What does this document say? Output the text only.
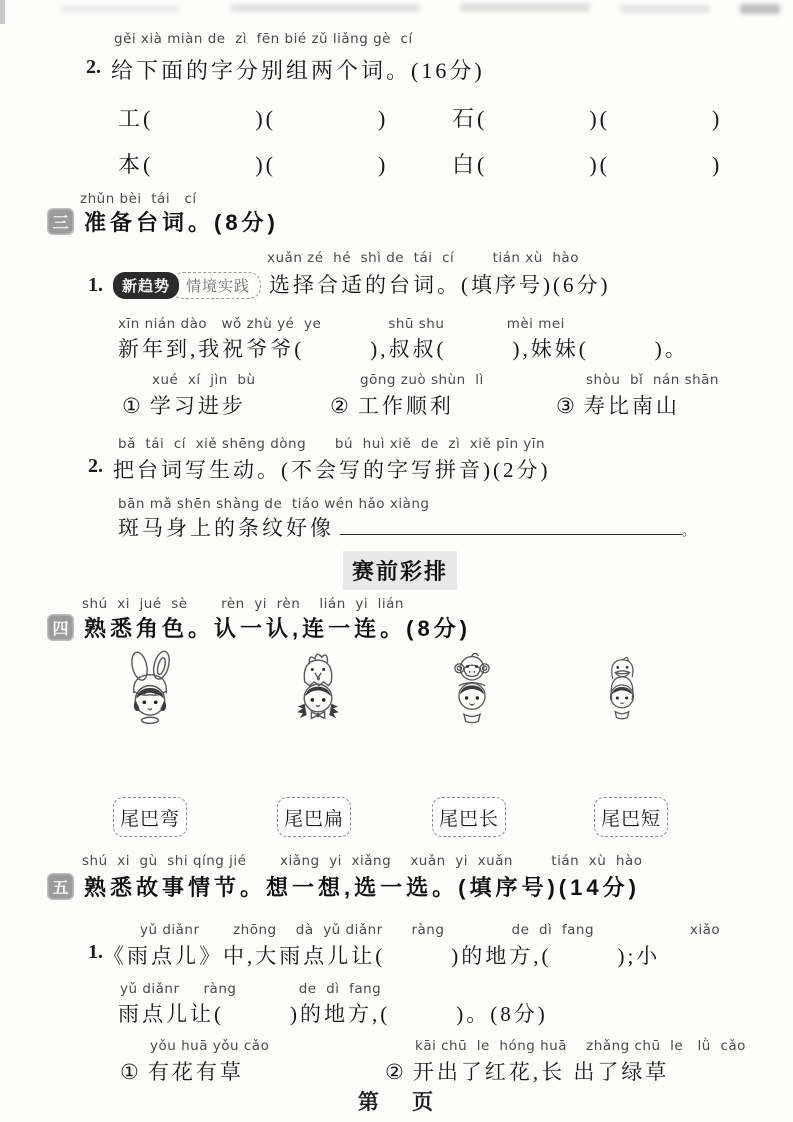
gěi xià miàn de  zì  fēn bié zǔ liǎng gè  cí
2. 给下面的字分别组两个词。(16分)
工 (            )(            )	石 (            )(            )
本 (            )(            )	白 (            )(            )
zhǔn bèi  tái   cí
三 准备台词。(8分)
xuǎn zé  hé  shì de  tái  cí        tián xù  hào
1.	新趋势	情境实践 选择合适的台词。(填序号)(6分)
xīn nián dào   wǒ zhù yé  ye              shū shu             mèi mei
新年到,我祝爷爷(        ),叔叔(        ),妹妹(        )。
xué  xí  jìn  bù
① 学习进步
gōng zuò shùn  lì
② 工作顺利
shòu  bǐ  nán shān
③ 寿比南山
bǎ  tái  cí  xiě shēng dòng      bú  huì xiě  de  zì  xiě pīn yīn
2. 把台词写生动。(不会写的字写拼音)(2分)
bān mǎ shēn shàng de  tiáo wén hǎo xiàng
斑马身上的条纹好像	。
赛前彩排
shú  xi  jué  sè       rèn  yi  rèn    lián  yi  lián
四 熟悉角色。认一认,连一连。(8分)
尾巴弯	尾巴扁	尾巴长	尾巴短
shú  xi  gù  shi qíng jié       xiǎng  yi  xiǎng    xuǎn  yi  xuǎn        tián  xù  hào
五 熟悉故事情节。想一想,选一选。(填序号)(14分)
yǔ diǎnr       zhōng    dà  yǔ diǎnr      ràng              de  dì  fang                    xiǎo
1. 《雨点儿》中,大雨点儿让(        )的地方,(        );小
yǔ diǎnr     ràng             de  dì  fang
雨点儿让(        )的地方,(        )。(8分)
yǒu huā yǒu cǎo
① 有花有草
kāi chū  le  hóng huā    zhǎng chū  le   lǜ  cǎo
② 开出了红花,长 出了绿草
第    页
